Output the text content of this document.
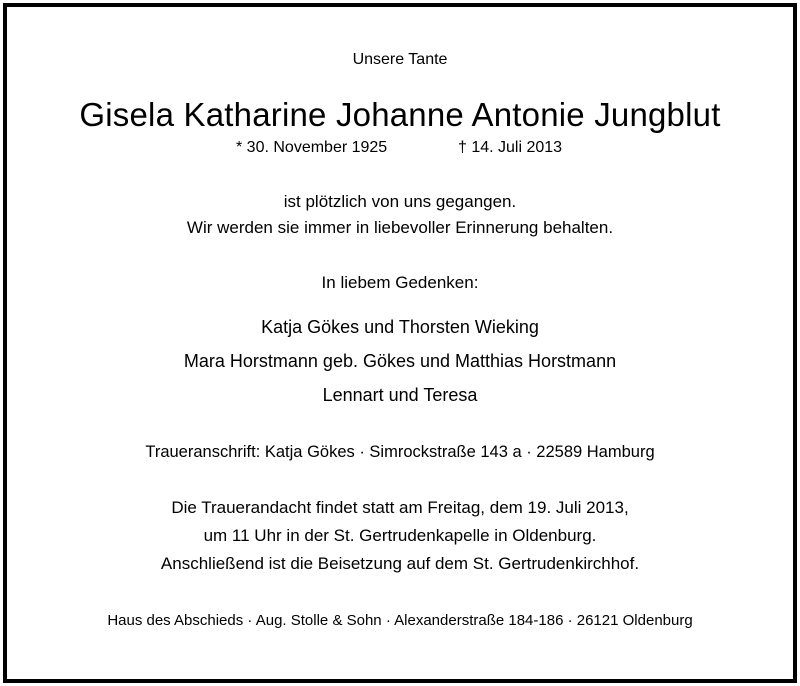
Unsere Tante
Gisela Katharine Johanne Antonie Jungblut
* 30. November 1925	† 14. Juli 2013
ist plötzlich von uns gegangen.
Wir werden sie immer in liebevoller Erinnerung behalten.
In liebem Gedenken:
Katja Gökes und Thorsten Wieking
Mara Horstmann geb. Gökes und Matthias Horstmann
Lennart und Teresa
Traueranschrift: Katja Gökes · Simrockstraße 143 a · 22589 Hamburg
Die Trauerandacht findet statt am Freitag, dem 19. Juli 2013,
um 11 Uhr in der St. Gertrudenkapelle in Oldenburg.
Anschließend ist die Beisetzung auf dem St. Gertrudenkirchhof.
Haus des Abschieds · Aug. Stolle & Sohn · Alexanderstraße 184-186 · 26121 Oldenburg
